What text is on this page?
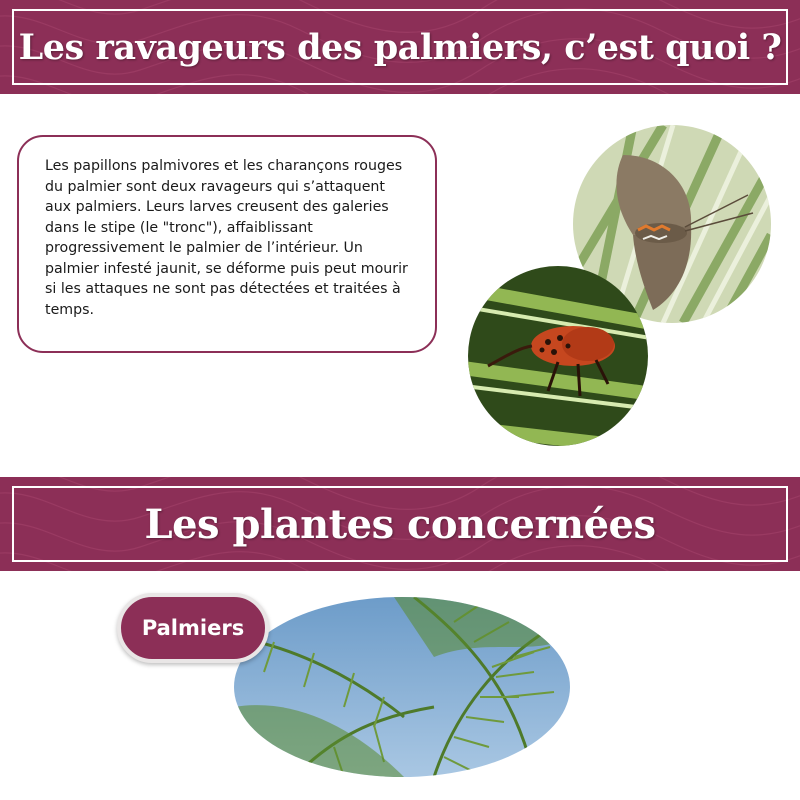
Les ravageurs des palmiers, c’est quoi ?

Les papillons palmivores et les charançons rouges du palmier sont deux ravageurs qui s’attaquent aux palmiers. Leurs larves creusent des galeries dans le stipe (le "tronc"), affaiblissant progressivement le palmier de l’intérieur. Un palmier infesté jaunit, se déforme puis peut mourir si les attaques ne sont pas détectées et traitées à temps.

Les plantes concernées
Palmiers
